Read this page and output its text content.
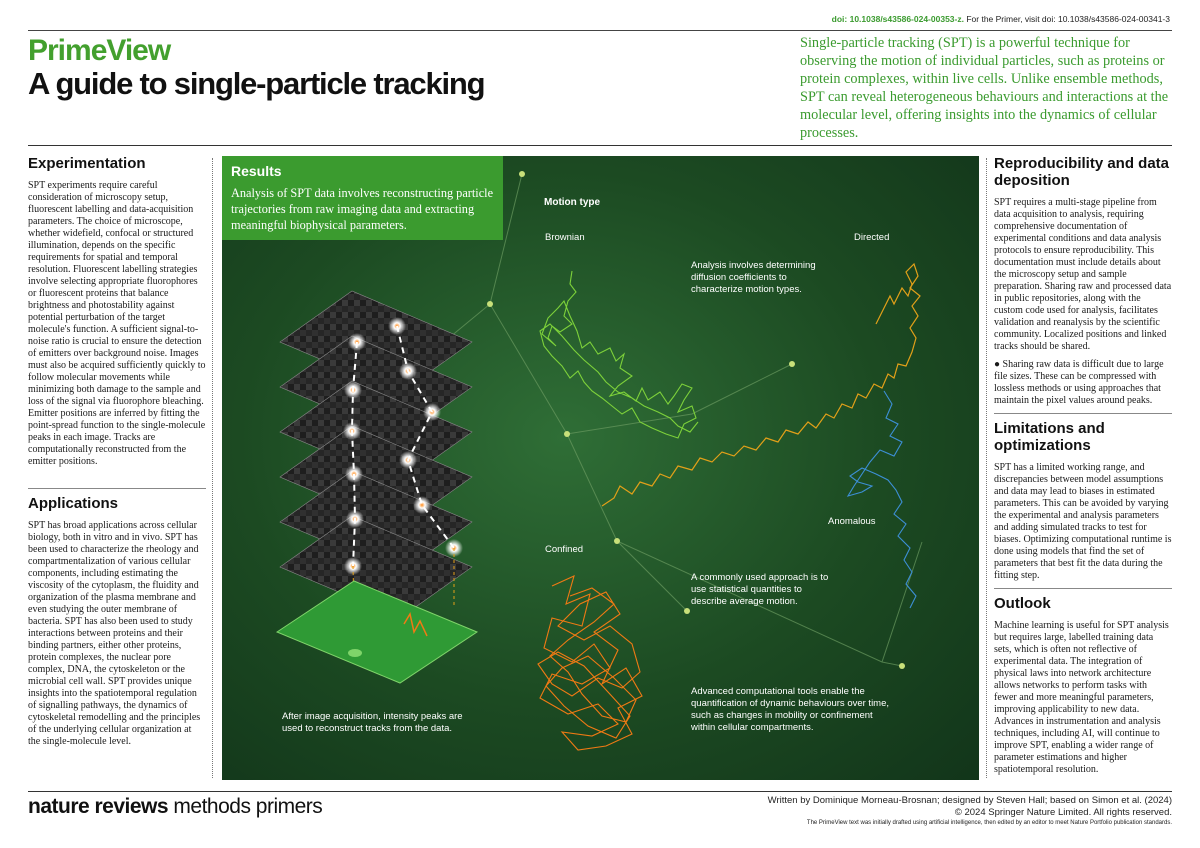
doi: 10.1038/s43586-024-00353-z. For the Primer, visit doi: 10.1038/s43586-024-00341-3
PrimeView
A guide to single-particle tracking
Single-particle tracking (SPT) is a powerful technique for observing the motion of individual particles, such as proteins or protein complexes, within live cells. Unlike ensemble methods, SPT can reveal heterogeneous behaviours and interactions at the molecular level, offering insights into the dynamics of cellular processes.
Experimentation

SPT experiments require careful consideration of microscopy setup, fluorescent labelling and data-acquisition parameters. The choice of microscope, whether widefield, confocal or structured illumination, depends on the specific requirements for spatial and temporal resolution. Fluorescent labelling strategies involve selecting appropriate fluorophores or fluorescent proteins that balance brightness and photostability against potential perturbation of the target molecule's function. A sufficient signal-to-noise ratio is crucial to ensure the detection of emitters over background noise. Images must also be acquired sufficiently quickly to follow molecular movements while minimizing both damage to the sample and loss of the signal via fluorophore bleaching. Emitter positions are inferred by fitting the point-spread function to the single-molecule peaks in each image. Tracks are computationally reconstructed from the emitter positions.

Applications

SPT has broad applications across cellular biology, both in vitro and in vivo. SPT has been used to characterize the rheology and compartmentalization of various cellular components, including estimating the viscosity of the cytoplasm, the fluidity and organization of the plasma membrane and even studying the outer membrane of bacteria. SPT has also been used to study interactions between proteins and their binding partners, either other proteins, protein complexes, the nuclear pore complex, DNA, the cytoskeleton or the microbial cell wall. SPT provides unique insights into the spatiotemporal regulation of signalling pathways, the dynamics of cytoskeletal remodelling and the principles of the underlying cellular organization at the single-molecule level.

Motion type
Brownian	Directed
Anomalous
Confined
Analysis involves determining diffusion coefficients to characterize motion types.
A commonly used approach is to use statistical quantities to describe average motion.
Advanced computational tools enable the quantification of dynamic behaviours over time, such as changes in mobility or confinement within cellular compartments.
After image acquisition, intensity peaks are used to reconstruct tracks from the data.
Results
Analysis of SPT data involves reconstructing particle trajectories from raw imaging data and extracting meaningful biophysical parameters.
Reproducibility and data deposition

SPT requires a multi-stage pipeline from data acquisition to analysis, requiring comprehensive documentation of experimental conditions and data analysis protocols to ensure reproducibility. This documentation must include details about the microscopy setup and sample preparation. Sharing raw and processed data in public repositories, along with the custom code used for analysis, facilitates validation and reanalysis by the scientific community. Localized positions and linked tracks should be shared.

● Sharing raw data is difficult due to large file sizes. These can be compressed with lossless methods or using approaches that maintain the pixel values around peaks.

Limitations and optimizations

SPT has a limited working range, and discrepancies between model assumptions and data may lead to biases in estimated parameters. This can be avoided by varying the experimental and analysis parameters and adding simulated tracks to test for biases. Optimizing computational runtime is done using models that find the set of parameters that best fit the data during the fitting step.

Outlook

Machine learning is useful for SPT analysis but requires large, labelled training data sets, which is often not reflective of experimental data. The integration of physical laws into network architecture allows networks to perform tasks with fewer and more meaningful parameters, improving applicability to new data. Advances in instrumentation and analysis techniques, including AI, will continue to improve SPT, enabling a wider range of parameter estimations and higher spatiotemporal resolution.

nature reviews methods primers	Written by Dominique Morneau-Brosnan; designed by Steven Hall; based on Simon et al. (2024)
© 2024 Springer Nature Limited. All rights reserved.
The PrimeView text was initially drafted using artificial intelligence, then edited by an editor to meet Nature Portfolio publication standards.
